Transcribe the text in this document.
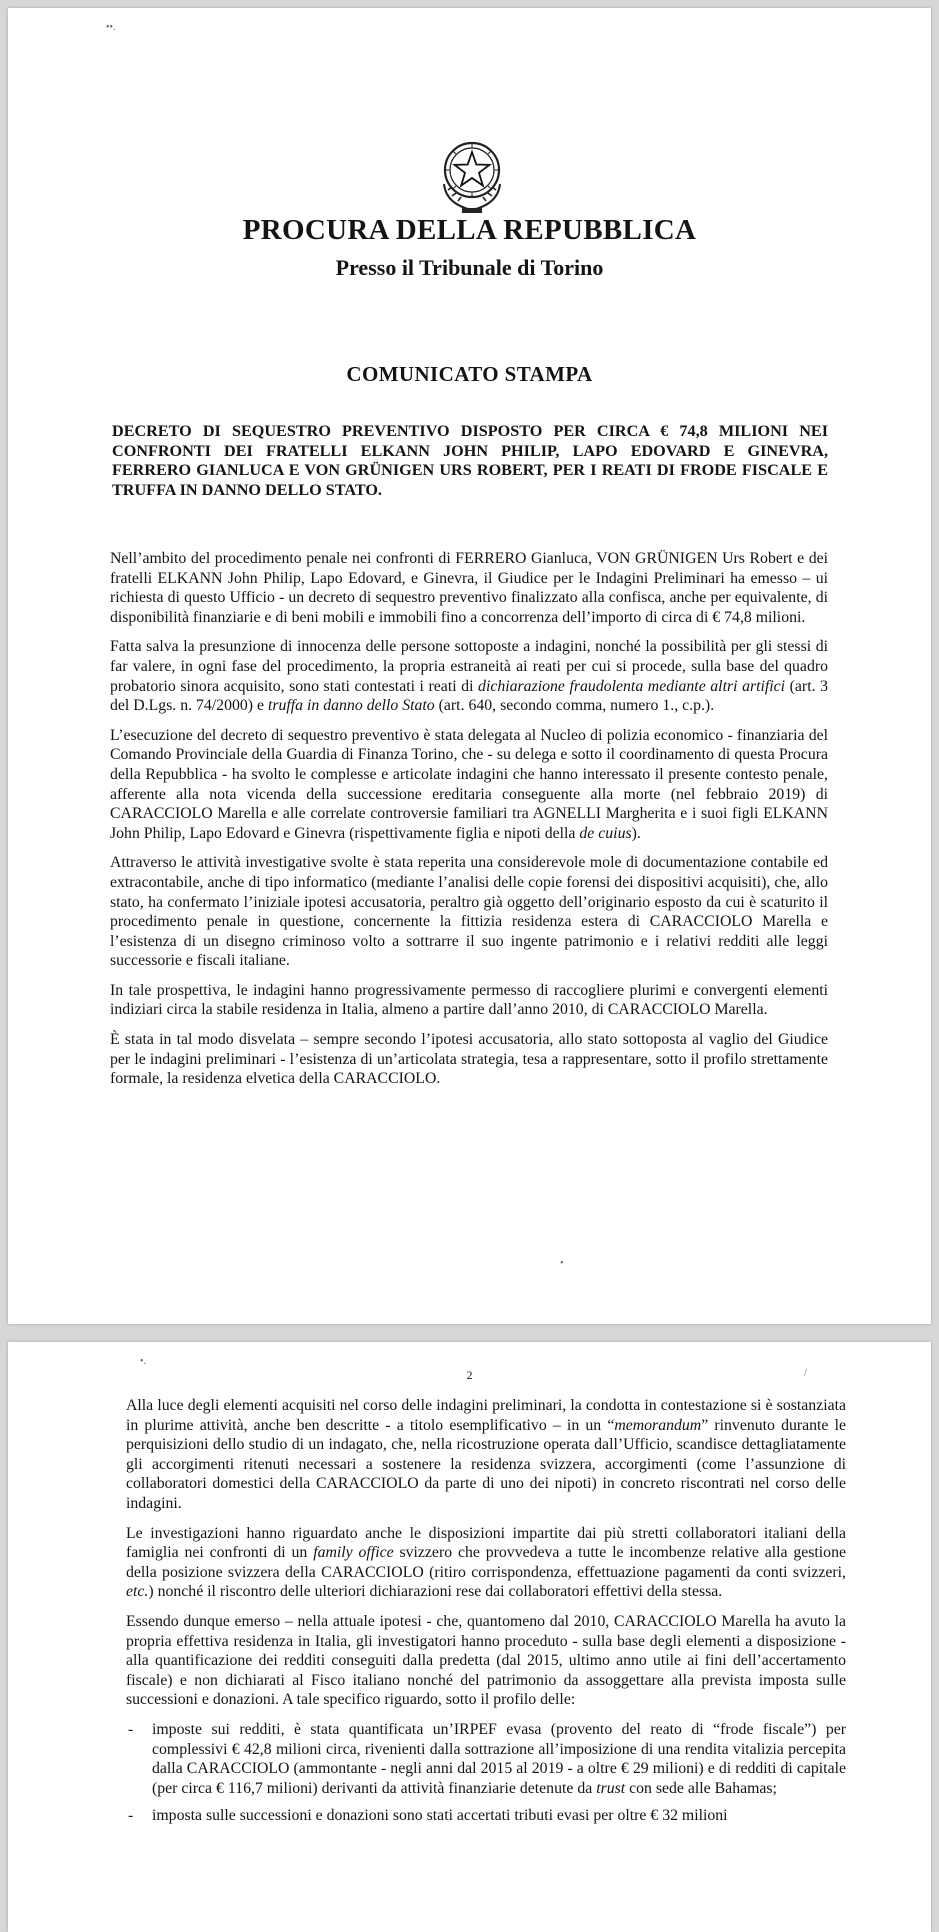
••.
PROCURA DELLA REPUBBLICA
Presso il Tribunale di Torino
COMUNICATO STAMPA
DECRETO DI SEQUESTRO PREVENTIVO DISPOSTO PER CIRCA € 74,8 MILIONI NEI CONFRONTI DEI FRATELLI ELKANN JOHN PHILIP, LAPO EDOVARD E GINEVRA, FERRERO GIANLUCA E VON GRÜNIGEN URS ROBERT, PER I REATI DI FRODE FISCALE E TRUFFA IN DANNO DELLO STATO.

Nell’ambito del procedimento penale nei confronti di FERRERO Gianluca, VON GRÜNIGEN Urs Robert e dei fratelli ELKANN John Philip, Lapo Edovard, e Ginevra, il Giudice per le Indagini Preliminari ha emesso – ui richiesta di questo Ufficio - un decreto di sequestro preventivo finalizzato alla confisca, anche per equivalente, di disponibilità finanziarie e di beni mobili e immobili fino a concorrenza dell’importo di circa di € 74,8 milioni.

Fatta salva la presunzione di innocenza delle persone sottoposte a indagini, nonché la possibilità per gli stessi di far valere, in ogni fase del procedimento, la propria estraneità ai reati per cui si procede, sulla base del quadro probatorio sinora acquisito, sono stati contestati i reati di dichiarazione fraudolenta mediante altri artifici (art. 3 del D.Lgs. n. 74/2000) e truffa in danno dello Stato (art. 640, secondo comma, numero 1., c.p.).

L’esecuzione del decreto di sequestro preventivo è stata delegata al Nucleo di polizia economico - finanziaria del Comando Provinciale della Guardia di Finanza Torino, che - su delega e sotto il coordinamento di questa Procura della Repubblica - ha svolto le complesse e articolate indagini che hanno interessato il presente contesto penale, afferente alla nota vicenda della successione ereditaria conseguente alla morte (nel febbraio 2019) di CARACCIOLO Marella e alle correlate controversie familiari tra AGNELLI Margherita e i suoi figli ELKANN John Philip, Lapo Edovard e Ginevra (rispettivamente figlia e nipoti della de cuius).

Attraverso le attività investigative svolte è stata reperita una considerevole mole di documentazione contabile ed extracontabile, anche di tipo informatico (mediante l’analisi delle copie forensi dei dispositivi acquisiti), che, allo stato, ha confermato l’iniziale ipotesi accusatoria, peraltro già oggetto dell’originario esposto da cui è scaturito il procedimento penale in questione, concernente la fittizia residenza estera di CARACCIOLO Marella e l’esistenza di un disegno criminoso volto a sottrarre il suo ingente patrimonio e i relativi redditi alle leggi successorie e fiscali italiane.

In tale prospettiva, le indagini hanno progressivamente permesso di raccogliere plurimi e convergenti elementi indiziari circa la stabile residenza in Italia, almeno a partire dall’anno 2010, di CARACCIOLO Marella.

È stata in tal modo disvelata – sempre secondo l’ipotesi accusatoria, allo stato sottoposta al vaglio del Giudice per le indagini preliminari - l’esistenza di un’articolata strategia, tesa a rappresentare, sotto il profilo strettamente formale, la residenza elvetica della CARACCIOLO.

•
•.
2	/

Alla luce degli elementi acquisiti nel corso delle indagini preliminari, la condotta in contestazione si è sostanziata in plurime attività, anche ben descritte - a titolo esemplificativo – in un “memorandum” rinvenuto durante le perquisizioni dello studio di un indagato, che, nella ricostruzione operata dall’Ufficio, scandisce dettagliatamente gli accorgimenti ritenuti necessari a sostenere la residenza svizzera, accorgimenti (come l’assunzione di collaboratori domestici della CARACCIOLO da parte di uno dei nipoti) in concreto riscontrati nel corso delle indagini.

Le investigazioni hanno riguardato anche le disposizioni impartite dai più stretti collaboratori italiani della famiglia nei confronti di un family office svizzero che provvedeva a tutte le incombenze relative alla gestione della posizione svizzera della CARACCIOLO (ritiro corrispondenza, effettuazione pagamenti da conti svizzeri, etc.) nonché il riscontro delle ulteriori dichiarazioni rese dai collaboratori effettivi della stessa.

Essendo dunque emerso – nella attuale ipotesi - che, quantomeno dal 2010, CARACCIOLO Marella ha avuto la propria effettiva residenza in Italia, gli investigatori hanno proceduto - sulla base degli elementi a disposizione - alla quantificazione dei redditi conseguiti dalla predetta (dal 2015, ultimo anno utile ai fini dell’accertamento fiscale) e non dichiarati al Fisco italiano nonché del patrimonio da assoggettare alla prevista imposta sulle successioni e donazioni. A tale specifico riguardo, sotto il profilo delle:

- imposte sui redditi, è stata quantificata un’IRPEF evasa (provento del reato di “frode fiscale”) per complessivi € 42,8 milioni circa, rivenienti dalla sottrazione all’imposizione di una rendita vitalizia percepita dalla CARACCIOLO (ammontante - negli anni dal 2015 al 2019 - a oltre € 29 milioni) e di redditi di capitale (per circa € 116,7 milioni) derivanti da attività finanziarie detenute da trust con sede alle Bahamas;
- imposta sulle successioni e donazioni sono stati accertati tributi evasi per oltre € 32 milioni
